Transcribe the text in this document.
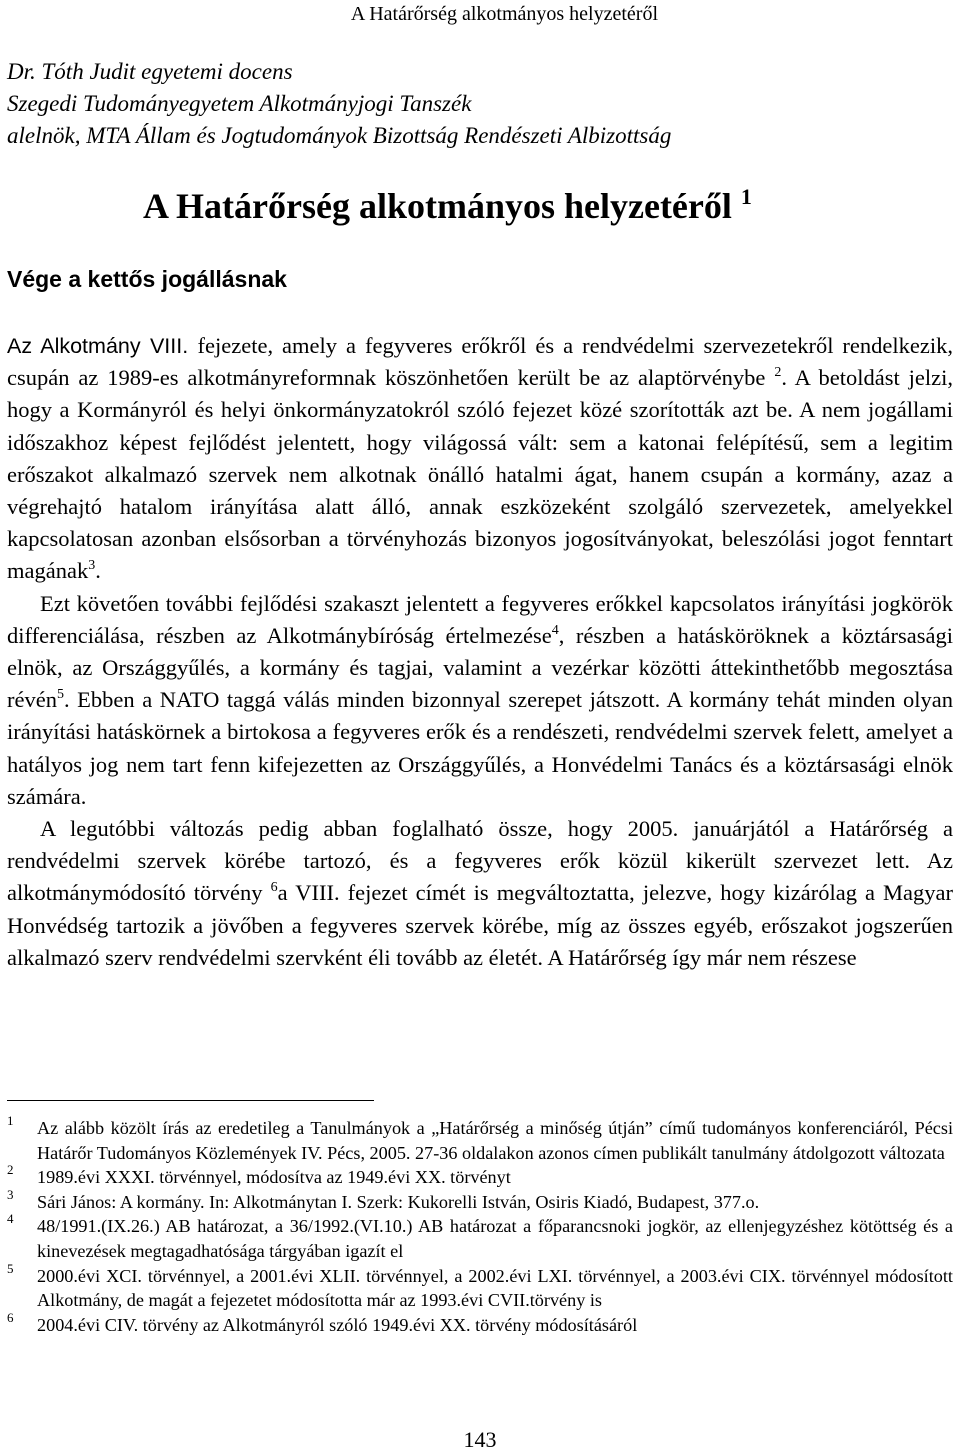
A Határőrség alkotmányos helyzetéről
Dr. Tóth Judit egyetemi docens
Szegedi Tudományegyetem Alkotmányjogi Tanszék
alelnök, MTA Állam és Jogtudományok Bizottság Rendészeti Albizottság
A Határőrség alkotmányos helyzetéről $^1$
Vége a kettős jogállásnak

Az Alkotmány VIII. fejezete, amely a fegyveres erőkről és a rendvédelmi szervezetekről rendelkezik, csupán az 1989-es alkotmányreformnak köszönhetően került be az alaptörvénybe $^2$. A betoldást jelzi, hogy a Kormányról és helyi önkormányzatokról szóló fejezet közé szorították azt be. A nem jogállami időszakhoz képest fejlődést jelentett, hogy világossá vált: sem a katonai felépítésű, sem a legitim erőszakot alkalmazó szervek nem alkotnak önálló hatalmi ágat, hanem csupán a kormány, azaz a végrehajtó hatalom irányítása alatt álló, annak eszközeként szolgáló szervezetek, amelyekkel kapcsolatosan azonban elsősorban a törvényhozás bizonyos jogosítványokat, beleszólási jogot fenntart magának$^3$.

Ezt követően további fejlődési szakaszt jelentett a fegyveres erőkkel kapcsolatos irányítási jogkörök differenciálása, részben az Alkotmánybíróság értelmezése$^4$, részben a hatásköröknek a köztársasági elnök, az Országgyűlés, a kormány és tagjai, valamint a vezérkar közötti áttekinthetőbb megosztása révén$^5$. Ebben a NATO taggá válás minden bizonnyal szerepet játszott. A kormány tehát minden olyan irányítási hatáskörnek a birtokosa a fegyveres erők és a rendészeti, rendvédelmi szervek felett, amelyet a hatályos jog nem tart fenn kifejezetten az Országgyűlés, a Honvédelmi Tanács és a köztársasági elnök számára.

A legutóbbi változás pedig abban foglalható össze, hogy 2005. januárjától a Határőrség a rendvédelmi szervek körébe tartozó, és a fegyveres erők közül kikerült szervezet lett. Az alkotmánymódosító törvény $^6$a VIII. fejezet címét is megváltoztatta, jelezve, hogy kizárólag a Magyar Honvédség tartozik a jövőben a fegyveres szervek körébe, míg az összes egyéb, erőszakot jogszerűen alkalmazó szerv rendvédelmi szervként éli tovább az életét. A Határőrség így már nem részese

1 Az alább közölt írás az eredetileg a Tanulmányok a „Határőrség a minőség útján” című tudományos konferenciáról, Pécsi Határőr Tudományos Közlemények IV. Pécs, 2005. 27-36 oldalakon azonos címen publikált tanulmány átdolgozott változata
2 1989.évi XXXI. törvénnyel, módosítva az 1949.évi XX. törvényt
3 Sári János: A kormány. In: Alkotmánytan I. Szerk: Kukorelli István, Osiris Kiadó, Budapest, 377.o.
4 48/1991.(IX.26.) AB határozat, a 36/1992.(VI.10.) AB határozat a főparancsnoki jogkör, az ellenjegyzéshez kötöttség és a kinevezések megtagadhatósága tárgyában igazít el
5 2000.évi XCI. törvénnyel, a 2001.évi XLII. törvénnyel, a 2002.évi LXI. törvénnyel, a 2003.évi CIX. törvénnyel módosított Alkotmány, de magát a fejezetet módosította már az 1993.évi CVII.törvény is
6 2004.évi CIV. törvény az Alkotmányról szóló 1949.évi XX. törvény módosításáról
143
